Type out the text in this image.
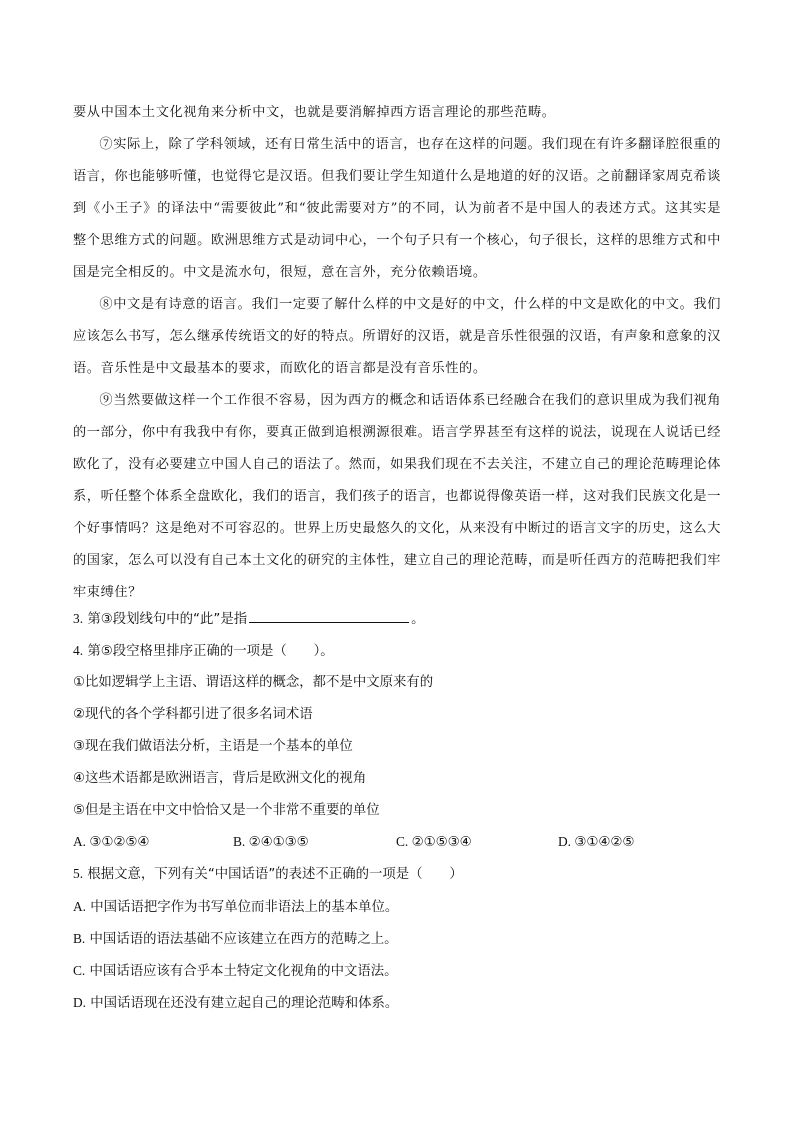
要从中国本土文化视角来分析中文，也就是要消解掉西方语言理论的那些范畴。

⑦实际上，除了学科领域，还有日常生活中的语言，也存在这样的问题。我们现在有许多翻译腔很重的语言，你也能够听懂，也觉得它是汉语。但我们要让学生知道什么是地道的好的汉语。之前翻译家周克希谈到《小王子》的译法中“需要彼此”和“彼此需要对方”的不同，认为前者不是中国人的表述方式。这其实是整个思维方式的问题。欧洲思维方式是动词中心，一个句子只有一个核心，句子很长，这样的思维方式和中国是完全相反的。中文是流水句，很短，意在言外，充分依赖语境。

⑧中文是有诗意的语言。我们一定要了解什么样的中文是好的中文，什么样的中文是欧化的中文。我们应该怎么书写，怎么继承传统语文的好的特点。所谓好的汉语，就是音乐性很强的汉语，有声象和意象的汉语。音乐性是中文最基本的要求，而欧化的语言都是没有音乐性的。

⑨当然要做这样一个工作很不容易，因为西方的概念和话语体系已经融合在我们的意识里成为我们视角的一部分，你中有我我中有你，要真正做到追根溯源很难。语言学界甚至有这样的说法，说现在人说话已经欧化了，没有必要建立中国人自己的语法了。然而，如果我们现在不去关注，不建立自己的理论范畴理论体系，听任整个体系全盘欧化，我们的语言，我们孩子的语言，也都说得像英语一样，这对我们民族文化是一个好事情吗？这是绝对不可容忍的。世界上历史最悠久的文化，从来没有中断过的语言文字的历史，这么大的国家，怎么可以没有自己本土文化的研究的主体性，建立自己的理论范畴，而是听任西方的范畴把我们牢牢束缚住？

3. 第③段划线句中的“此”是指	。

4. 第⑤段空格里排序正确的一项是（　　）。

①比如逻辑学上主语、谓语这样的概念，都不是中文原来有的

②现代的各个学科都引进了很多名词术语

③现在我们做语法分析，主语是一个基本的单位

④这些术语都是欧洲语言，背后是欧洲文化的视角

⑤但是主语在中文中恰恰又是一个非常不重要的单位

A. ③①②⑤④	B. ②④①③⑤	C. ②①⑤③④	D. ③①④②⑤

5. 根据文意，下列有关“中国话语”的表述不正确的一项是（　　）

A. 中国话语把字作为书写单位而非语法上的基本单位。

B. 中国话语的语法基础不应该建立在西方的范畴之上。

C. 中国话语应该有合乎本土特定文化视角的中文语法。

D. 中国话语现在还没有建立起自己的理论范畴和体系。
